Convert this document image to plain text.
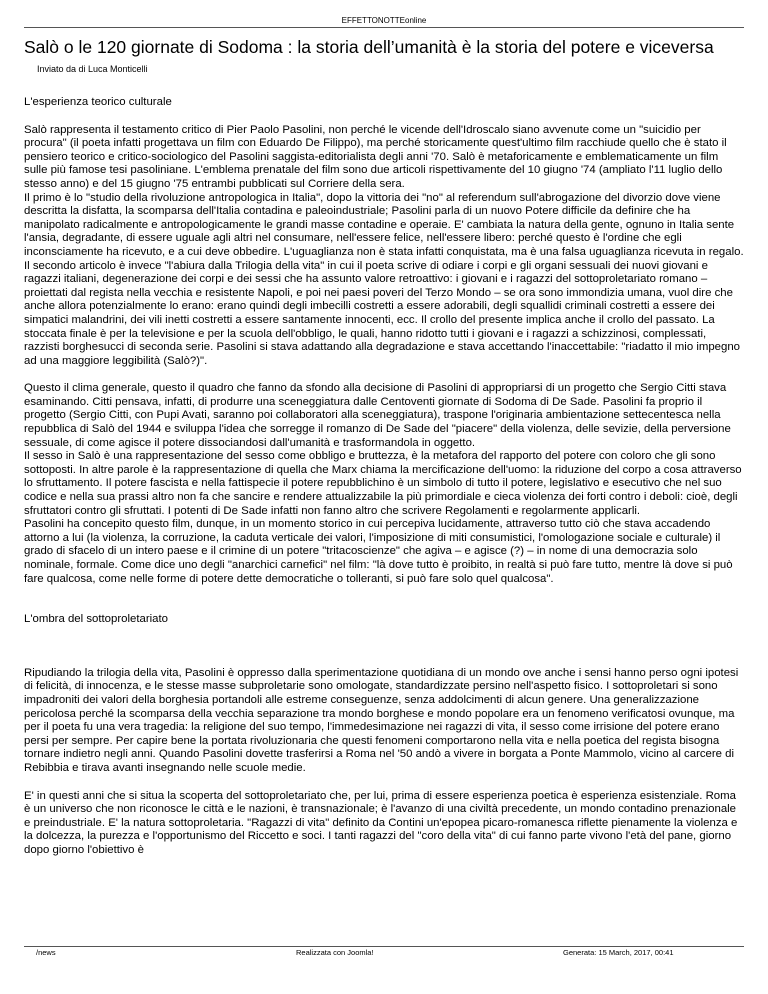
EFFETTONOTTEonline
Salò o le 120 giornate di Sodoma : la storia dell’umanità è la storia del potere e viceversa
Inviato da di Luca Monticelli

L'esperienza teorico culturale

Salò rappresenta il testamento critico di Pier Paolo Pasolini, non perché le vicende dell'Idroscalo siano avvenute come un "suicidio per procura" (il poeta infatti progettava un film con Eduardo De Filippo), ma perché storicamente quest'ultimo film racchiude quello che è stato il pensiero teorico e critico-sociologico del Pasolini saggista-editorialista degli anni '70. Salò è metaforicamente e emblematicamente un film sulle più famose tesi pasoliniane. L'emblema prenatale del film sono due articoli rispettivamente del 10 giugno '74 (ampliato l'11 luglio dello stesso anno) e del 15 giugno '75 entrambi pubblicati sul Corriere della sera.

Il primo è lo "studio della rivoluzione antropologica in Italia", dopo la vittoria dei "no" al referendum sull'abrogazione del divorzio dove viene descritta la disfatta, la scomparsa dell'Italia contadina e paleoindustriale; Pasolini parla di un nuovo Potere difficile da definire che ha manipolato radicalmente e antropologicamente le grandi masse contadine e operaie. E' cambiata la natura della gente, ognuno in Italia sente l'ansia, degradante, di essere uguale agli altri nel consumare, nell'essere felice, nell'essere libero: perché questo è l'ordine che egli inconsciamente ha ricevuto, e a cui deve obbedire. L'uguaglianza non è stata infatti conquistata, ma è una falsa uguaglianza ricevuta in regalo.

Il secondo articolo è invece "l'abiura dalla Trilogia della vita" in cui il poeta scrive di odiare i corpi e gli organi sessuali dei nuovi giovani e ragazzi italiani, degenerazione dei corpi e dei sessi che ha assunto valore retroattivo: i giovani e i ragazzi del sottoproletariato romano –proiettati dal regista nella vecchia e resistente Napoli, e poi nei paesi poveri del Terzo Mondo – se ora sono immondizia umana, vuol dire che anche allora potenzialmente lo erano: erano quindi degli imbecilli costretti a essere adorabili, degli squallidi criminali costretti a essere dei simpatici malandrini, dei vili inetti costretti a essere santamente innocenti, ecc. Il crollo del presente implica anche il crollo del passato. La stoccata finale è per la televisione e per la scuola dell'obbligo, le quali, hanno ridotto tutti i giovani e i ragazzi a schizzinosi, complessati, razzisti borghesucci di seconda serie. Pasolini si stava adattando alla degradazione e stava accettando l'inaccettabile: "riadatto il mio impegno ad una maggiore leggibilità (Salò?)".

Questo il clima generale, questo il quadro che fanno da sfondo alla decisione di Pasolini di appropriarsi di un progetto che Sergio Citti stava esaminando. Citti pensava, infatti, di produrre una sceneggiatura dalle Centoventi giornate di Sodoma di De Sade. Pasolini fa proprio il progetto (Sergio Citti, con Pupi Avati, saranno poi collaboratori alla sceneggiatura), traspone l'originaria ambientazione settecentesca nella repubblica di Salò del 1944 e sviluppa l'idea che sorregge il romanzo di De Sade del "piacere" della violenza, delle sevizie, della perversione sessuale, di come agisce il potere dissociandosi dall'umanità e trasformandola in oggetto.

Il sesso in Salò è una rappresentazione del sesso come obbligo e bruttezza, è la metafora del rapporto del potere con coloro che gli sono sottoposti. In altre parole è la rappresentazione di quella che Marx chiama la mercificazione dell'uomo: la riduzione del corpo a cosa attraverso lo sfruttamento. Il potere fascista e nella fattispecie il potere repubblichino è un simbolo di tutto il potere, legislativo e esecutivo che nel suo codice e nella sua prassi altro non fa che sancire e rendere attualizzabile la più primordiale e cieca violenza dei forti contro i deboli: cioè, degli sfruttatori contro gli sfruttati. I potenti di De Sade infatti non fanno altro che scrivere Regolamenti e regolarmente applicarli.

Pasolini ha concepito questo film, dunque, in un momento storico in cui percepiva lucidamente, attraverso tutto ciò che stava accadendo attorno a lui (la violenza, la corruzione, la caduta verticale dei valori, l'imposizione di miti consumistici, l'omologazione sociale e culturale) il grado di sfacelo di un intero paese e il crimine di un potere "tritacoscienze" che agiva – e agisce (?) – in nome di una democrazia solo nominale, formale. Come dice uno degli "anarchici carnefici" nel film: "là dove tutto è proibito, in realtà si può fare tutto, mentre là dove si può fare qualcosa, come nelle forme di potere dette democratiche o tolleranti, si può fare solo quel qualcosa".

L'ombra del sottoproletariato

Ripudiando la trilogia della vita, Pasolini è oppresso dalla sperimentazione quotidiana di un mondo ove anche i sensi hanno perso ogni ipotesi di felicità, di innocenza, e le stesse masse subproletarie sono omologate, standardizzate persino nell'aspetto fisico. I sottoproletari si sono impadroniti dei valori della borghesia portandoli alle estreme conseguenze, senza addolcimenti di alcun genere. Una generalizzazione pericolosa perché la scomparsa della vecchia separazione tra mondo borghese e mondo popolare era un fenomeno verificatosi ovunque, ma per il poeta fu una vera tragedia: la religione del suo tempo, l'immedesimazione nei ragazzi di vita, il sesso come irrisione del potere erano persi per sempre. Per capire bene la portata rivoluzionaria che questi fenomeni comportarono nella vita e nella poetica del regista bisogna tornare indietro negli anni. Quando Pasolini dovette trasferirsi a Roma nel '50 andò a vivere in borgata a Ponte Mammolo, vicino al carcere di Rebibbia e tirava avanti insegnando nelle scuole medie.

E' in questi anni che si situa la scoperta del sottoproletariato che, per lui, prima di essere esperienza poetica è esperienza esistenziale. Roma è un universo che non riconosce le città e le nazioni, è transnazionale; è l'avanzo di una civiltà precedente, un mondo contadino prenazionale e preindustriale. E' la natura sottoproletaria. "Ragazzi di vita" definito da Contini un'epopea picaro-romanesca riflette pienamente la violenza e la dolcezza, la purezza e l'opportunismo del Riccetto e soci. I tanti ragazzi del "coro della vita" di cui fanno parte vivono l'età del pane, giorno dopo giorno l'obiettivo è

/news	Realizzata con Joomla!	Generata: 15 March, 2017, 00:41
